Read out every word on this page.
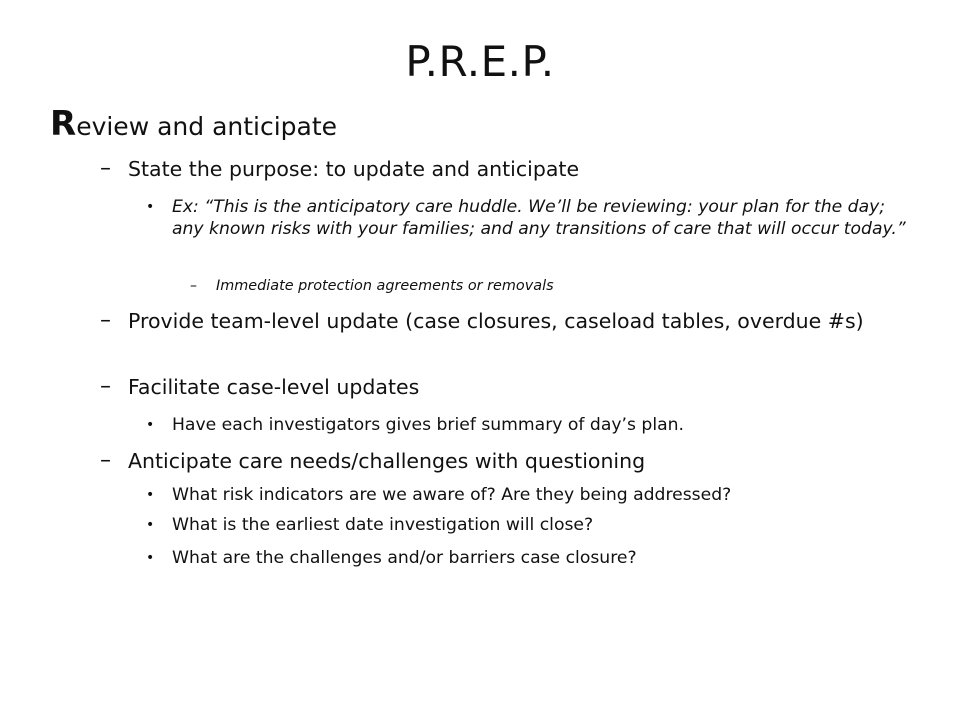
P.R.E.P.
Review and anticipate
– State the purpose: to update and anticipate
• Ex: “This is the anticipatory care huddle. We’ll be reviewing: your plan for the day; any known risks with your families; and any transitions of care that will occur today.”
– Immediate protection agreements or removals
– Provide team-level update (case closures, caseload tables, overdue #s)
– Facilitate case-level updates
• Have each investigators gives brief summary of day’s plan.
– Anticipate care needs/challenges with questioning
• What risk indicators are we aware of? Are they being addressed?
• What is the earliest date investigation will close?
• What are the challenges and/or barriers case closure?
